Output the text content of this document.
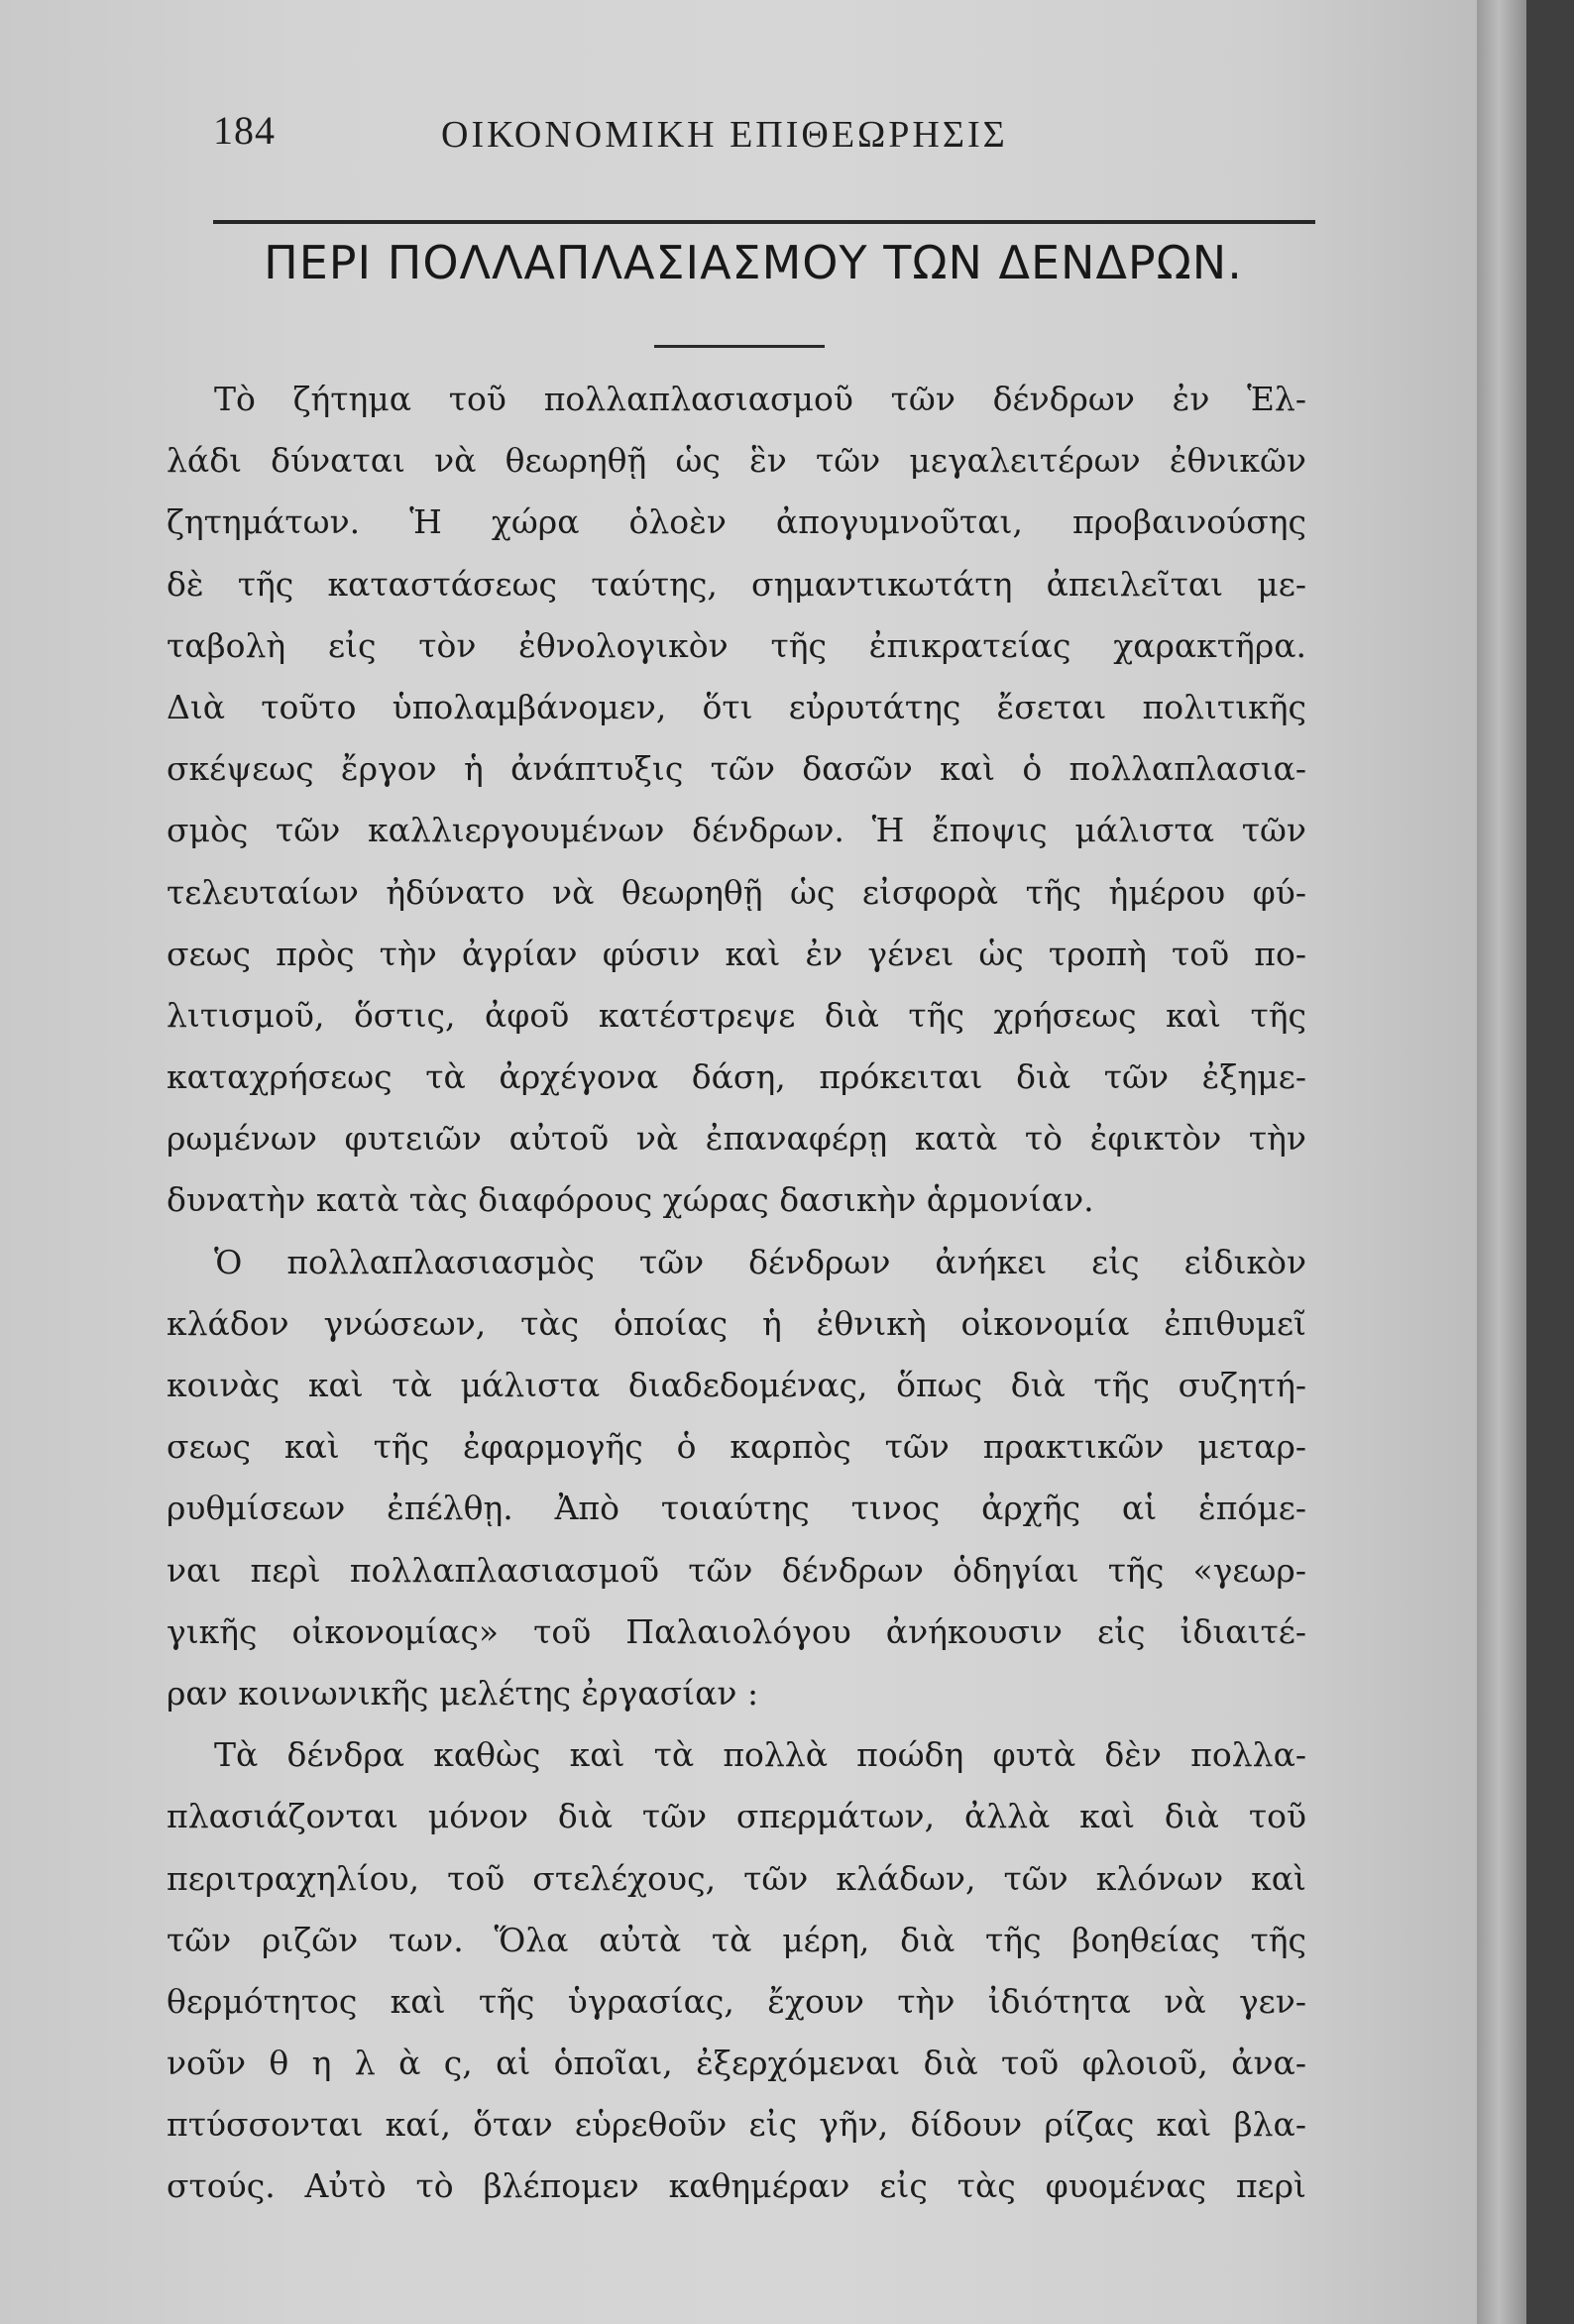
184	ΟΙΚΟΝΟΜΙΚΗ ΕΠΙΘΕΩΡΗΣΙΣ
ΠΕΡΙ ΠΟΛΛΑΠΛΑΣΙΑΣΜΟΥ ΤΩΝ ΔΕΝΔΡΩΝ.
Τὸ ζήτημα τοῦ πολλαπλασιασμοῦ τῶν δένδρων ἐν Ἑλ-
λάδι δύναται νὰ θεωρηθῇ ὡς ἓν τῶν μεγαλειτέρων ἐθνικῶν
ζητημάτων. Ἡ χώρα ὁλοὲν ἀπογυμνοῦται, προβαινούσης
δὲ τῆς καταστάσεως ταύτης, σημαντικωτάτη ἀπειλεῖται με-
ταβολὴ εἰς τὸν ἐθνολογικὸν τῆς ἐπικρατείας χαρακτῆρα.
Διὰ τοῦτο ὑπολαμβάνομεν, ὅτι εὐρυτάτης ἔσεται πολιτικῆς
σκέψεως ἔργον ἡ ἀνάπτυξις τῶν δασῶν καὶ ὁ πολλαπλασια-
σμὸς τῶν καλλιεργουμένων δένδρων. Ἡ ἔποψις μάλιστα τῶν
τελευταίων ἠδύνατο νὰ θεωρηθῇ ὡς εἰσφορὰ τῆς ἡμέρου φύ-
σεως πρὸς τὴν ἀγρίαν φύσιν καὶ ἐν γένει ὡς τροπὴ τοῦ πο-
λιτισμοῦ, ὅστις, ἀφοῦ κατέστρεψε διὰ τῆς χρήσεως καὶ τῆς
καταχρήσεως τὰ ἀρχέγονα δάση, πρόκειται διὰ τῶν ἐξημε-
ρωμένων φυτειῶν αὐτοῦ νὰ ἐπαναφέρῃ κατὰ τὸ ἐφικτὸν τὴν
δυνατὴν κατὰ τὰς διαφόρους χώρας δασικὴν ἁρμονίαν.
Ὁ πολλαπλασιασμὸς τῶν δένδρων ἀνήκει εἰς εἰδικὸν
κλάδον γνώσεων, τὰς ὁποίας ἡ ἐθνικὴ οἰκονομία ἐπιθυμεῖ
κοινὰς καὶ τὰ μάλιστα διαδεδομένας, ὅπως διὰ τῆς συζητή-
σεως καὶ τῆς ἐφαρμογῆς ὁ καρπὸς τῶν πρακτικῶν μεταρ-
ρυθμίσεων ἐπέλθῃ. Ἀπὸ τοιαύτης τινος ἀρχῆς αἱ ἑπόμε-
ναι περὶ πολλαπλασιασμοῦ τῶν δένδρων ὁδηγίαι τῆς «γεωρ-
γικῆς οἰκονομίας» τοῦ Παλαιολόγου ἀνήκουσιν εἰς ἰδιαιτέ-
ραν κοινωνικῆς μελέτης ἐργασίαν :
Τὰ δένδρα καθὼς καὶ τὰ πολλὰ ποώδη φυτὰ δὲν πολλα-
πλασιάζονται μόνον διὰ τῶν σπερμάτων, ἀλλὰ καὶ διὰ τοῦ
περιτραχηλίου, τοῦ στελέχους, τῶν κλάδων, τῶν κλόνων καὶ
τῶν ριζῶν των. Ὅλα αὐτὰ τὰ μέρη, διὰ τῆς βοηθείας τῆς
θερμότητος καὶ τῆς ὑγρασίας, ἔχουν τὴν ἰδιότητα νὰ γεν-
νοῦν θ η λ ὰ ς, αἱ ὁποῖαι, ἐξερχόμεναι διὰ τοῦ φλοιοῦ, ἀνα-
πτύσσονται καί, ὅταν εὑρεθοῦν εἰς γῆν, δίδουν ρίζας καὶ βλα-
στούς. Αὐτὸ τὸ βλέπομεν καθημέραν εἰς τὰς φυομένας περὶ
